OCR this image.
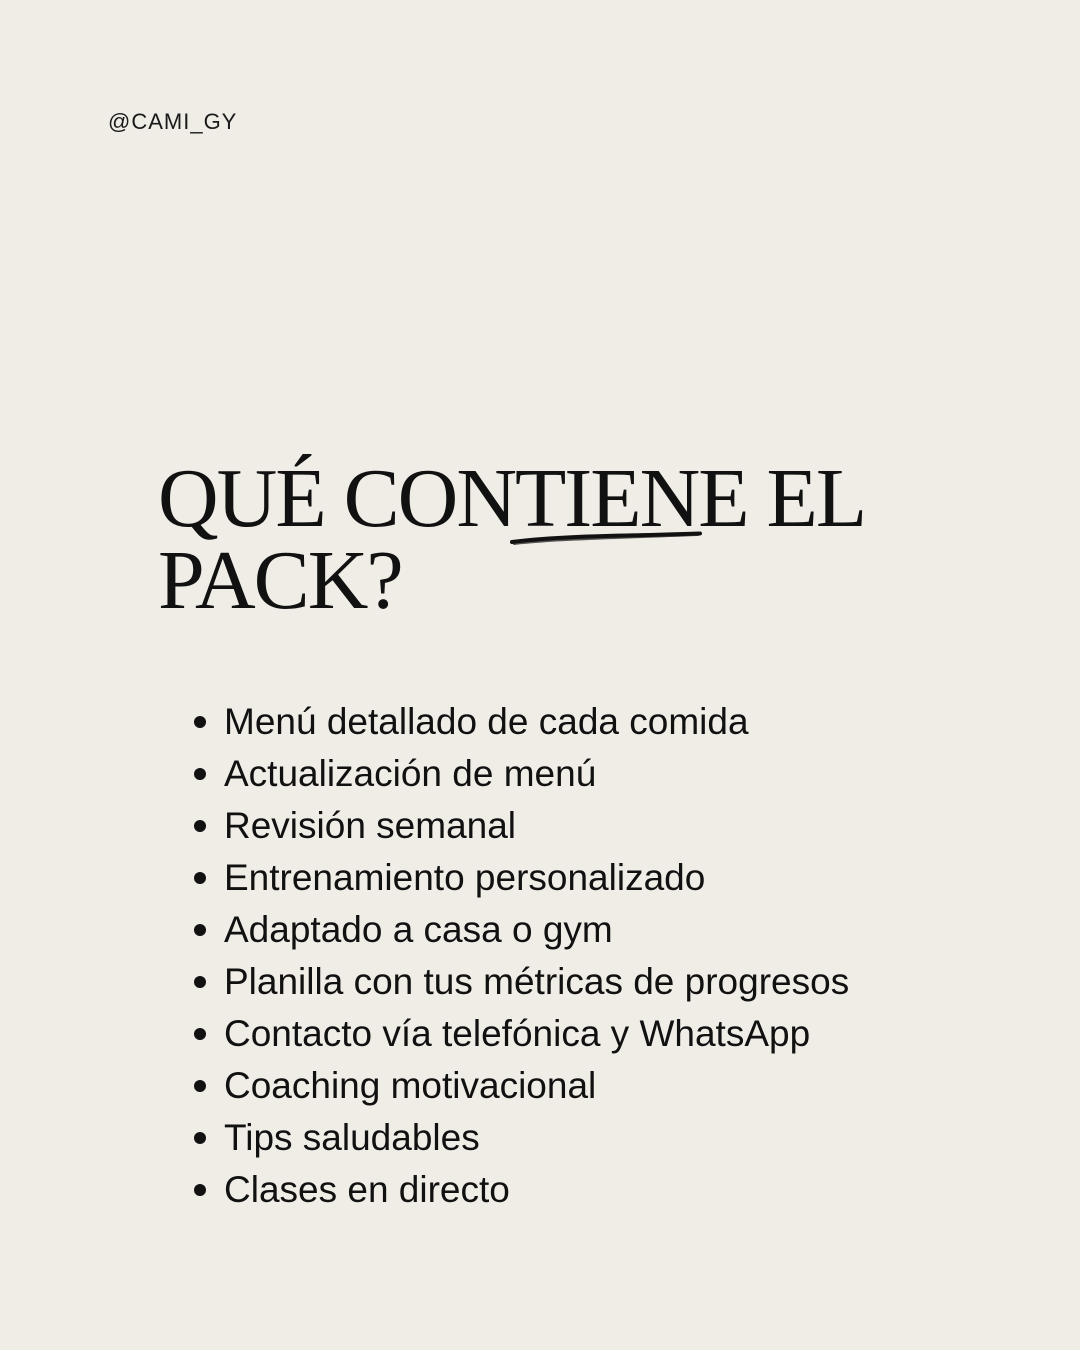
@CAMI_GY
QUÉ CONTIENE EL
PACK?
Menú detallado de cada comida
Actualización de menú
Revisión semanal
Entrenamiento personalizado
Adaptado a casa o gym
Planilla con tus métricas de progresos
Contacto vía telefónica y WhatsApp
Coaching motivacional
Tips saludables
Clases en directo
